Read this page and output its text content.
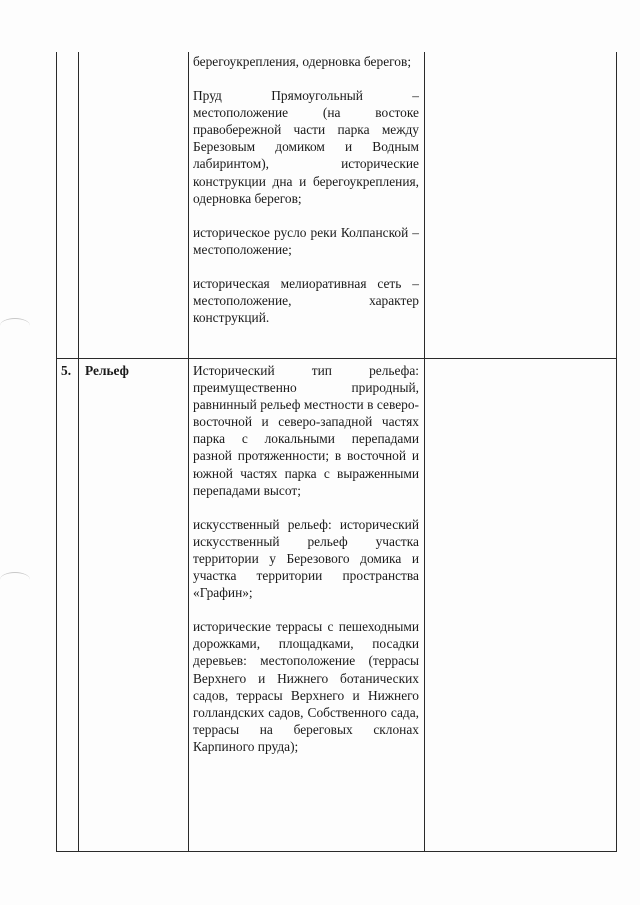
берегоукрепления, одерновка берегов;

Пруд Прямоугольный – местоположение (на востоке правобережной части парка между Березовым домиком и Водным лабиринтом), исторические конструкции дна и берегоукрепления, одерновка берегов;

историческое русло реки Колпанской – местоположение;

историческая мелиоративная сеть – местоположение, характер конструкций.

5. Рельеф	Исторический тип рельефа: преимущественно природный, равнинный рельеф местности в северо-восточной и северо-западной частях парка с локальными перепадами разной протяженности; в восточной и южной частях парка с выраженными перепадами высот;

искусственный рельеф: исторический искусственный рельеф участка территории у Березового домика и участка территории пространства «Графин»;

исторические террасы с пешеходными дорожками, площадками, посадки деревьев: местоположение (террасы Верхнего и Нижнего ботанических садов, террасы Верхнего и Нижнего голландских садов, Собственного сада, террасы на береговых склонах Карпиного пруда);
